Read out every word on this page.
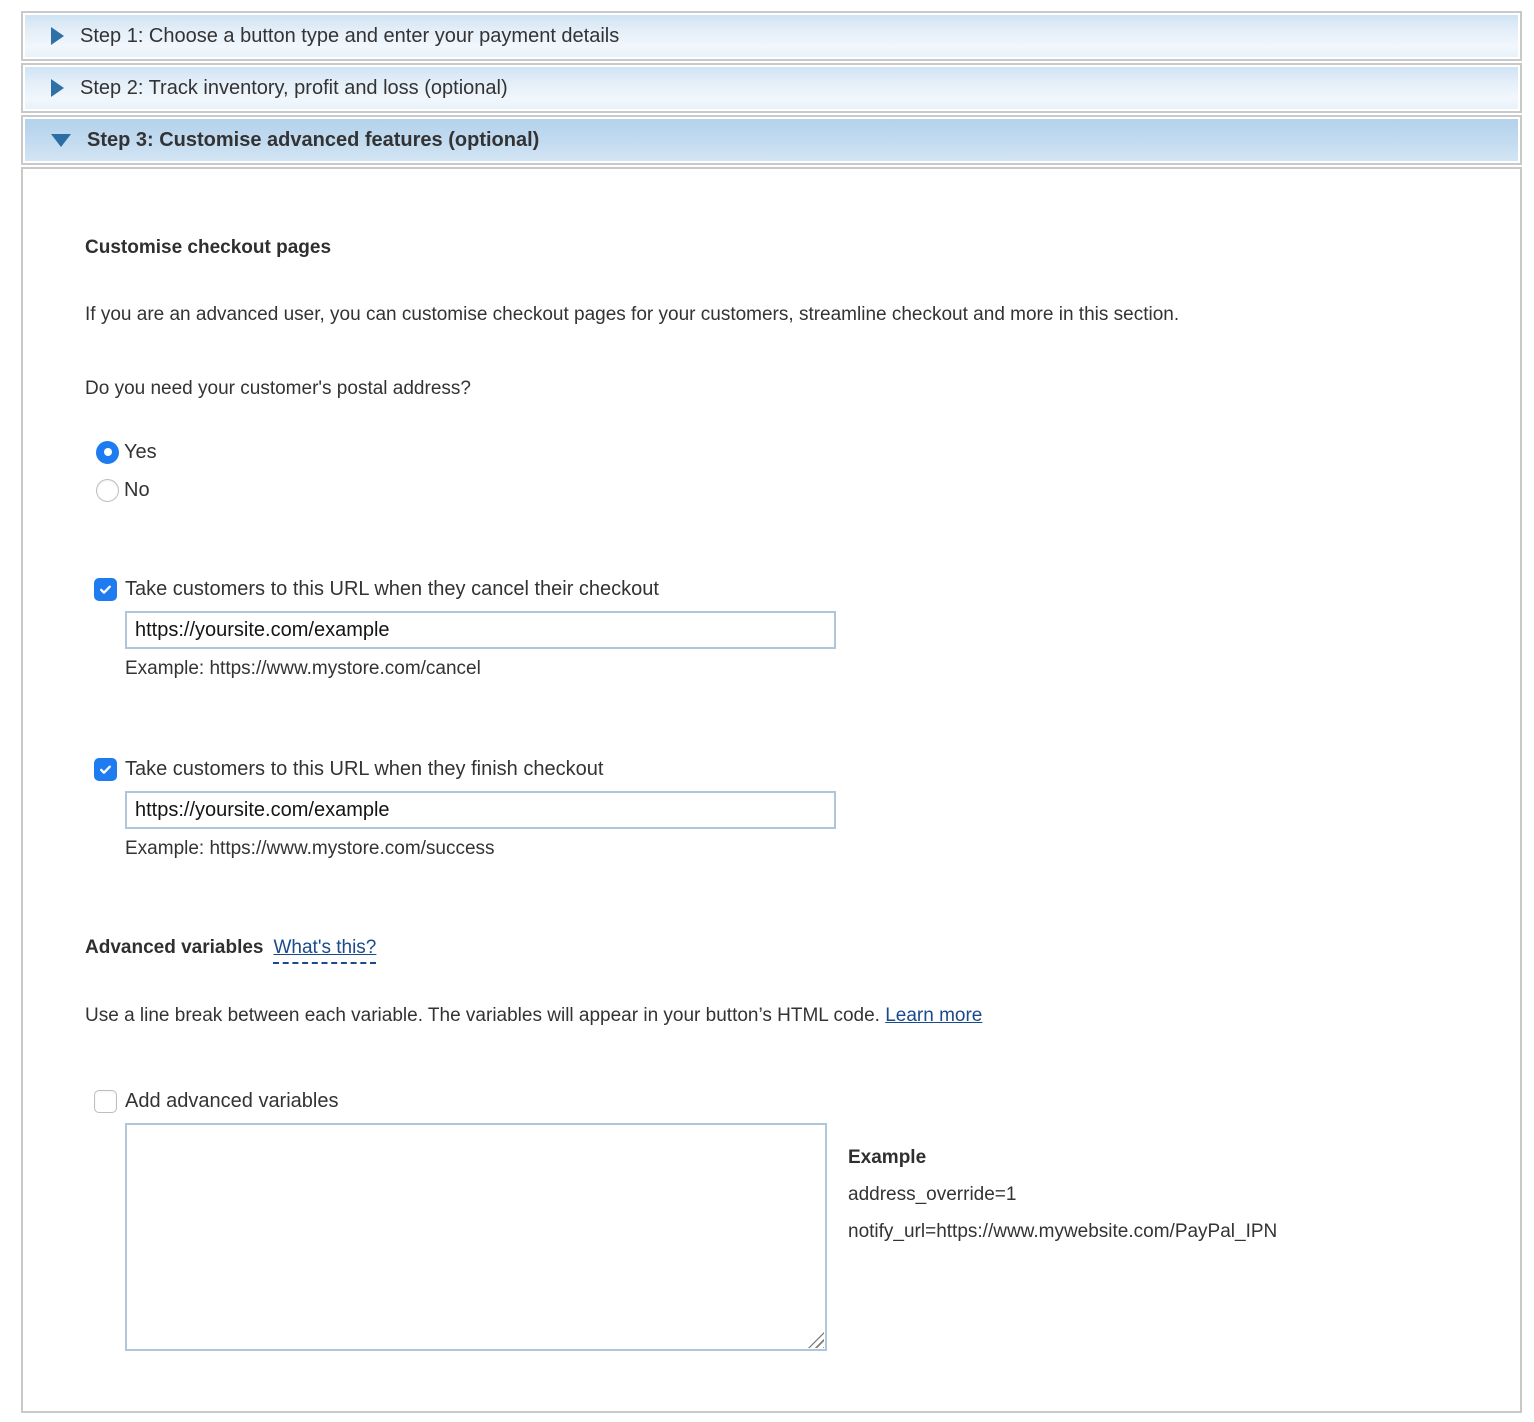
Step 1: Choose a button type and enter your payment details
Step 2: Track inventory, profit and loss (optional)
Step 3: Customise advanced features (optional)
Customise checkout pages

If you are an advanced user, you can customise checkout pages for your customers, streamline checkout and more in this section.

Do you need your customer's postal address?

Yes
No
Take customers to this URL when they cancel their checkout
https://yoursite.com/example
Example: https://www.mystore.com/cancel
Take customers to this URL when they finish checkout
https://yoursite.com/example
Example: https://www.mystore.com/success
Advanced variables What's this?

Use a line break between each variable. The variables will appear in your button’s HTML code. Learn more

Add advanced variables
Example
address_override=1
notify_url=https://www.mywebsite.com/PayPal_IPN
